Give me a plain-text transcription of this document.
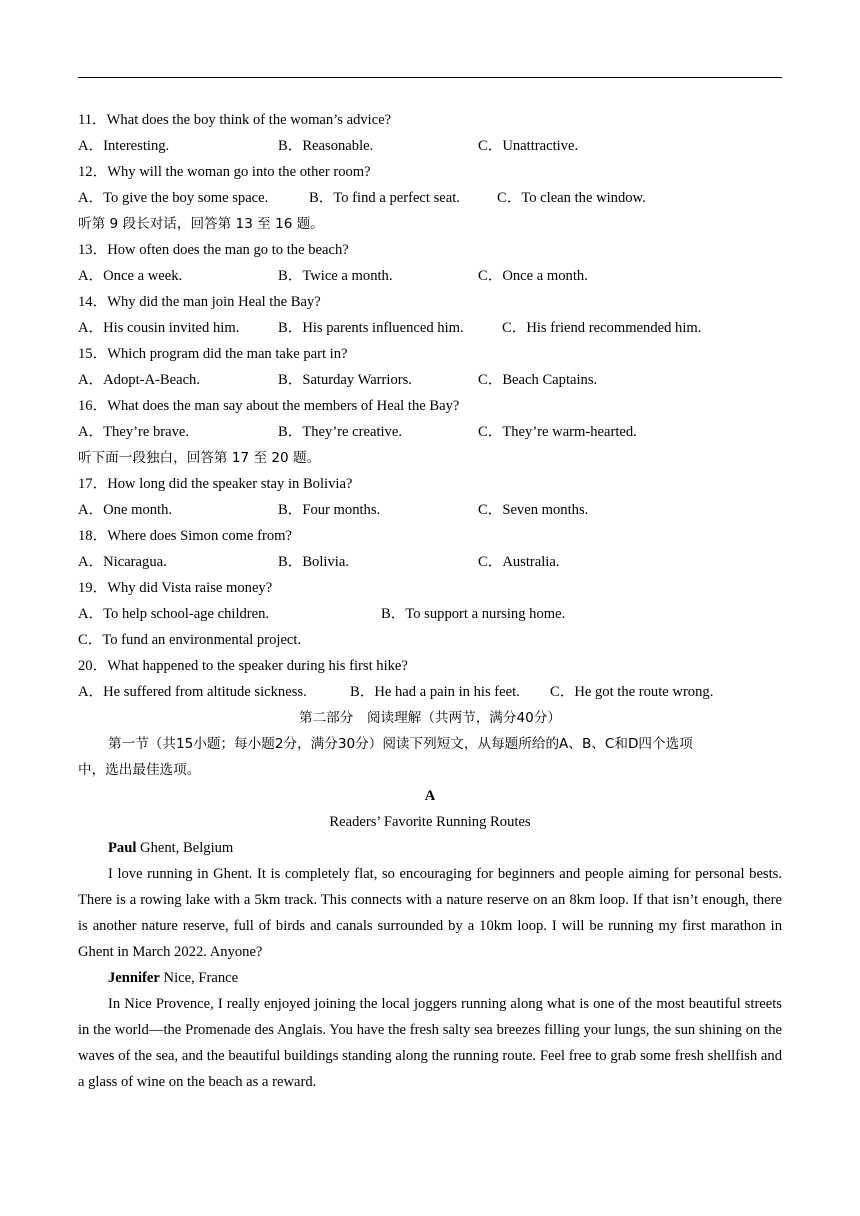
11．What does the boy think of the woman’s advice?
A．Interesting.	B．Reasonable.	C．Unattractive.
12．Why will the woman go into the other room?
A．To give the boy some space.	B．To find a perfect seat.	C．To clean the window.
听第 9 段长对话，回答第 13 至 16 题。
13．How often does the man go to the beach?
A．Once a week.	B．Twice a month.	C．Once a month.
14．Why did the man join Heal the Bay?
A．His cousin invited him.	B．His parents influenced him.	C．His friend recommended him.
15．Which program did the man take part in?
A．Adopt-A-Beach.	B．Saturday Warriors.	C．Beach Captains.
16．What does the man say about the members of Heal the Bay?
A．They’re brave.	B．They’re creative.	C．They’re warm-hearted.
听下面一段独白，回答第 17 至 20 题。
17．How long did the speaker stay in Bolivia?
A．One month.	B．Four months.	C．Seven months.
18．Where does Simon come from?
A．Nicaragua.	B．Bolivia.	C．Australia.
19．Why did Vista raise money?
A．To help school-age children.	B．To support a nursing home.
C．To fund an environmental project.
20．What happened to the speaker during his first hike?
A．He suffered from altitude sickness.	B．He had a pain in his feet. C．He got the route wrong.
第二部分　阅读理解（共两节，满分40分）
第一节（共15小题；每小题2分，满分30分）阅读下列短文，从每题所给的A、B、C和D四个选项
中，选出最佳选项。
A
Readers’ Favorite Running Routes
Paul Ghent, Belgium
I love running in Ghent. It is completely flat, so encouraging for beginners and people aiming for personal bests. There is a rowing lake with a 5km track. This connects with a nature reserve on an 8km loop. If that isn’t enough, there is another nature reserve, full of birds and canals surrounded by a 10km loop. I will be running my first marathon in Ghent in March 2022. Anyone?
Jennifer Nice, France
In Nice Provence, I really enjoyed joining the local joggers running along what is one of the most beautiful streets in the world—the Promenade des Anglais. You have the fresh salty sea breezes filling your lungs, the sun shining on the waves of the sea, and the beautiful buildings standing along the running route. Feel free to grab some fresh shellfish and a glass of wine on the beach as a reward.
